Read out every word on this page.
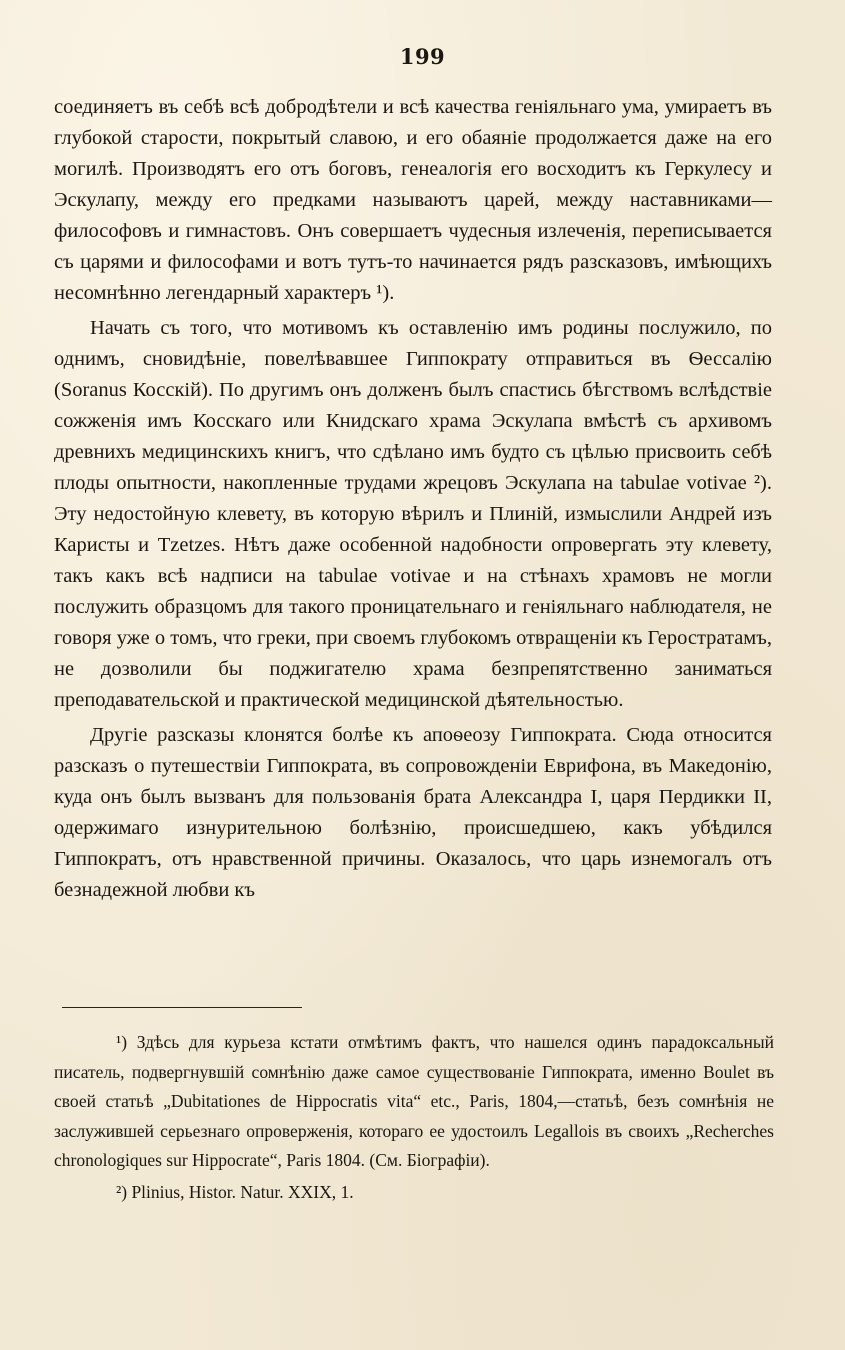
199

соединяетъ въ себѣ всѣ добродѣтели и всѣ качества геніяльнаго ума, умираетъ въ глубокой старости, покрытый славою, и его обаяніе продолжается даже на его могилѣ. Производятъ его отъ боговъ, генеалогія его восходитъ къ Геркулесу и Эскулапу, между его предками называютъ царей, между наставниками—философовъ и гимнастовъ. Онъ совершаетъ чудесныя излеченія, переписывается съ царями и философами и вотъ тутъ-то начинается рядъ разсказовъ, имѣющихъ несомнѣнно легендарный характеръ ¹).

Начать съ того, что мотивомъ къ оставленію имъ родины послужило, по однимъ, сновидѣніе, повелѣвавшее Гиппократу отправиться въ Ѳессалію (Soranus Косскій). По другимъ онъ долженъ былъ спастись бѣгствомъ вслѣдствіе сожженія имъ Косскаго или Книдскаго храма Эскулапа вмѣстѣ съ архивомъ древнихъ медицинскихъ книгъ, что сдѣлано имъ будто съ цѣлью присвоить себѣ плоды опытности, накопленные трудами жрецовъ Эскулапа на tabulae votivae ²). Эту недостойную клевету, въ которую вѣрилъ и Плиній, измыслили Андрей изъ Каристы и Tzetzes. Нѣтъ даже особенной надобности опровергать эту клевету, такъ какъ всѣ надписи на tabulae votivae и на стѣнахъ храмовъ не могли послужить образцомъ для такого проницательнаго и геніяльнаго наблюдателя, не говоря уже о томъ, что греки, при своемъ глубокомъ отвращеніи къ Геростратамъ, не дозволили бы поджигателю храма безпрепятственно заниматься преподавательской и практической медицинской дѣятельностью.

Другіе разсказы клонятся болѣе къ апоѳеозу Гиппократа. Сюда относится разсказъ о путешествіи Гиппократа, въ сопровожденіи Еврифона, въ Македонію, куда онъ былъ вызванъ для пользованія брата Александра I, царя Пердикки II, одержимаго изнурительною болѣзнію, происшедшею, какъ убѣдился Гиппократъ, отъ нравственной причины. Оказалось, что царь изнемогалъ отъ безнадежной любви къ

¹) Здѣсь для курьеза кстати отмѣтимъ фактъ, что нашелся одинъ парадоксальный писатель, подвергнувшій сомнѣнію даже самое существованіе Гиппократа, именно Boulet въ своей статьѣ „Dubitationes de Hippocratis vita“ etc., Paris, 1804,—статьѣ, безъ сомнѣнія не заслужившей серьезнаго опроверженія, котораго ее удостоилъ Legallois въ своихъ „Recherches chronologiques sur Hippocrate“, Paris 1804. (См. Біографіи).

²) Plinius, Histor. Natur. XXIX, 1.
